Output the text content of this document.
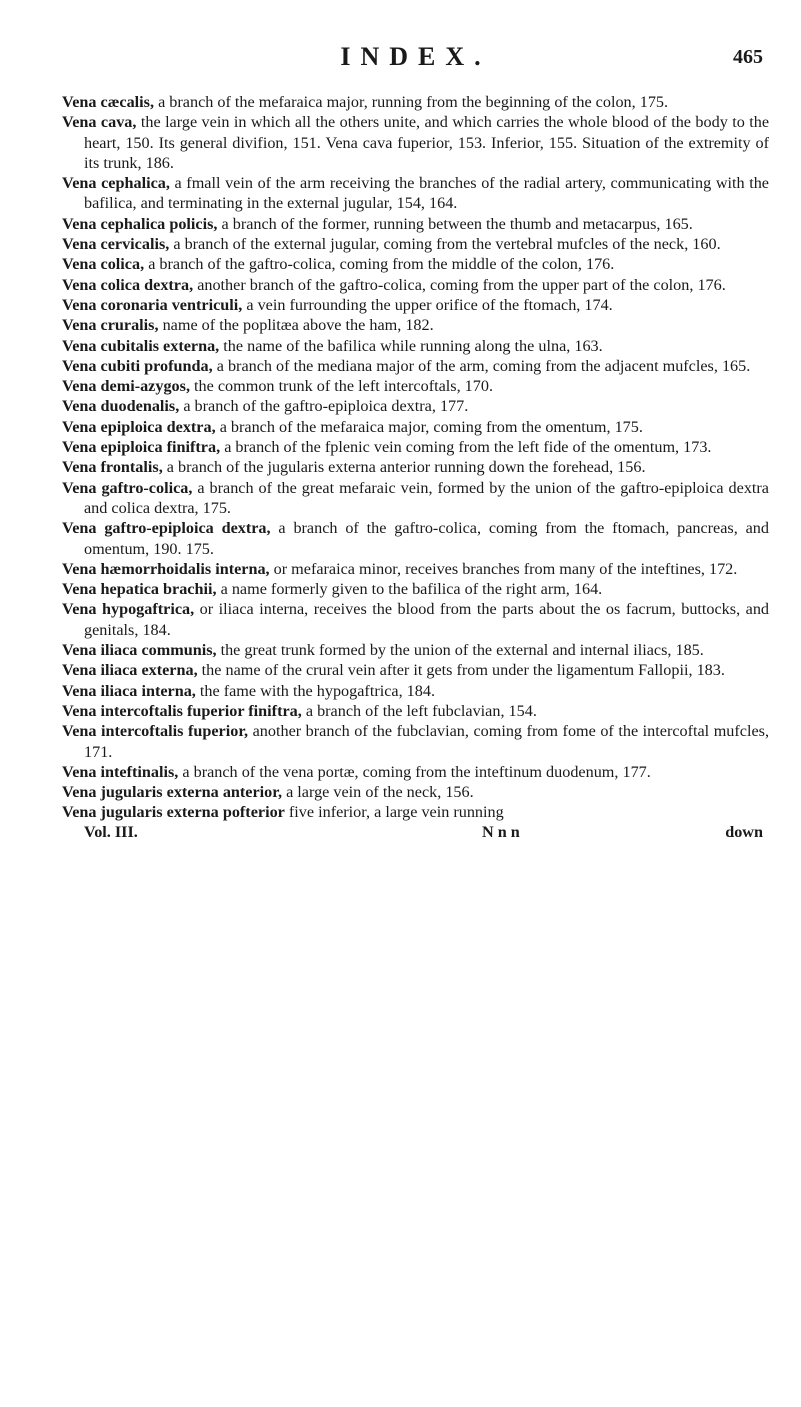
INDEX.	465
Vena cæcalis, a branch of the mefaraica major, running from the beginning of the colon, 175.
Vena cava, the large vein in which all the others unite, and which carries the whole blood of the body to the heart, 150. Its general divifion, 151. Vena cava fuperior, 153. Inferior, 155. Situation of the extremity of its trunk, 186.
Vena cephalica, a fmall vein of the arm receiving the branches of the radial artery, communicating with the bafilica, and terminating in the external jugular, 154, 164.
Vena cephalica policis, a branch of the former, running between the thumb and metacarpus, 165.
Vena cervicalis, a branch of the external jugular, coming from the vertebral mufcles of the neck, 160.
Vena colica, a branch of the gaftro-colica, coming from the middle of the colon, 176.
Vena colica dextra, another branch of the gaftro-colica, coming from the upper part of the colon, 176.
Vena coronaria ventriculi, a vein furrounding the upper orifice of the ftomach, 174.
Vena cruralis, name of the poplitæa above the ham, 182.
Vena cubitalis externa, the name of the bafilica while running along the ulna, 163.
Vena cubiti profunda, a branch of the mediana major of the arm, coming from the adjacent mufcles, 165.
Vena demi-azygos, the common trunk of the left intercoftals, 170.
Vena duodenalis, a branch of the gaftro-epiploica dextra, 177.
Vena epiploica dextra, a branch of the mefaraica major, coming from the omentum, 175.
Vena epiploica finiftra, a branch of the fplenic vein coming from the left fide of the omentum, 173.
Vena frontalis, a branch of the jugularis externa anterior running down the forehead, 156.
Vena gaftro-colica, a branch of the great mefaraic vein, formed by the union of the gaftro-epiploica dextra and colica dextra, 175.
Vena gaftro-epiploica dextra, a branch of the gaftro-colica, coming from the ftomach, pancreas, and omentum, 190. 175.
Vena hæmorrhoidalis interna, or mefaraica minor, receives branches from many of the inteftines, 172.
Vena hepatica brachii, a name formerly given to the bafilica of the right arm, 164.
Vena hypogaftrica, or iliaca interna, receives the blood from the parts about the os facrum, buttocks, and genitals, 184.
Vena iliaca communis, the great trunk formed by the union of the external and internal iliacs, 185.
Vena iliaca externa, the name of the crural vein after it gets from under the ligamentum Fallopii, 183.
Vena iliaca interna, the fame with the hypogaftrica, 184.
Vena intercoftalis fuperior finiftra, a branch of the left fubclavian, 154.
Vena intercoftalis fuperior, another branch of the fubclavian, coming from fome of the intercoftal mufcles, 171.
Vena inteftinalis, a branch of the vena portæ, coming from the inteftinum duodenum, 177.
Vena jugularis externa anterior, a large vein of the neck, 156.
Vena jugularis externa pofterior five inferior, a large vein running
Vol. III.	N n n	down
